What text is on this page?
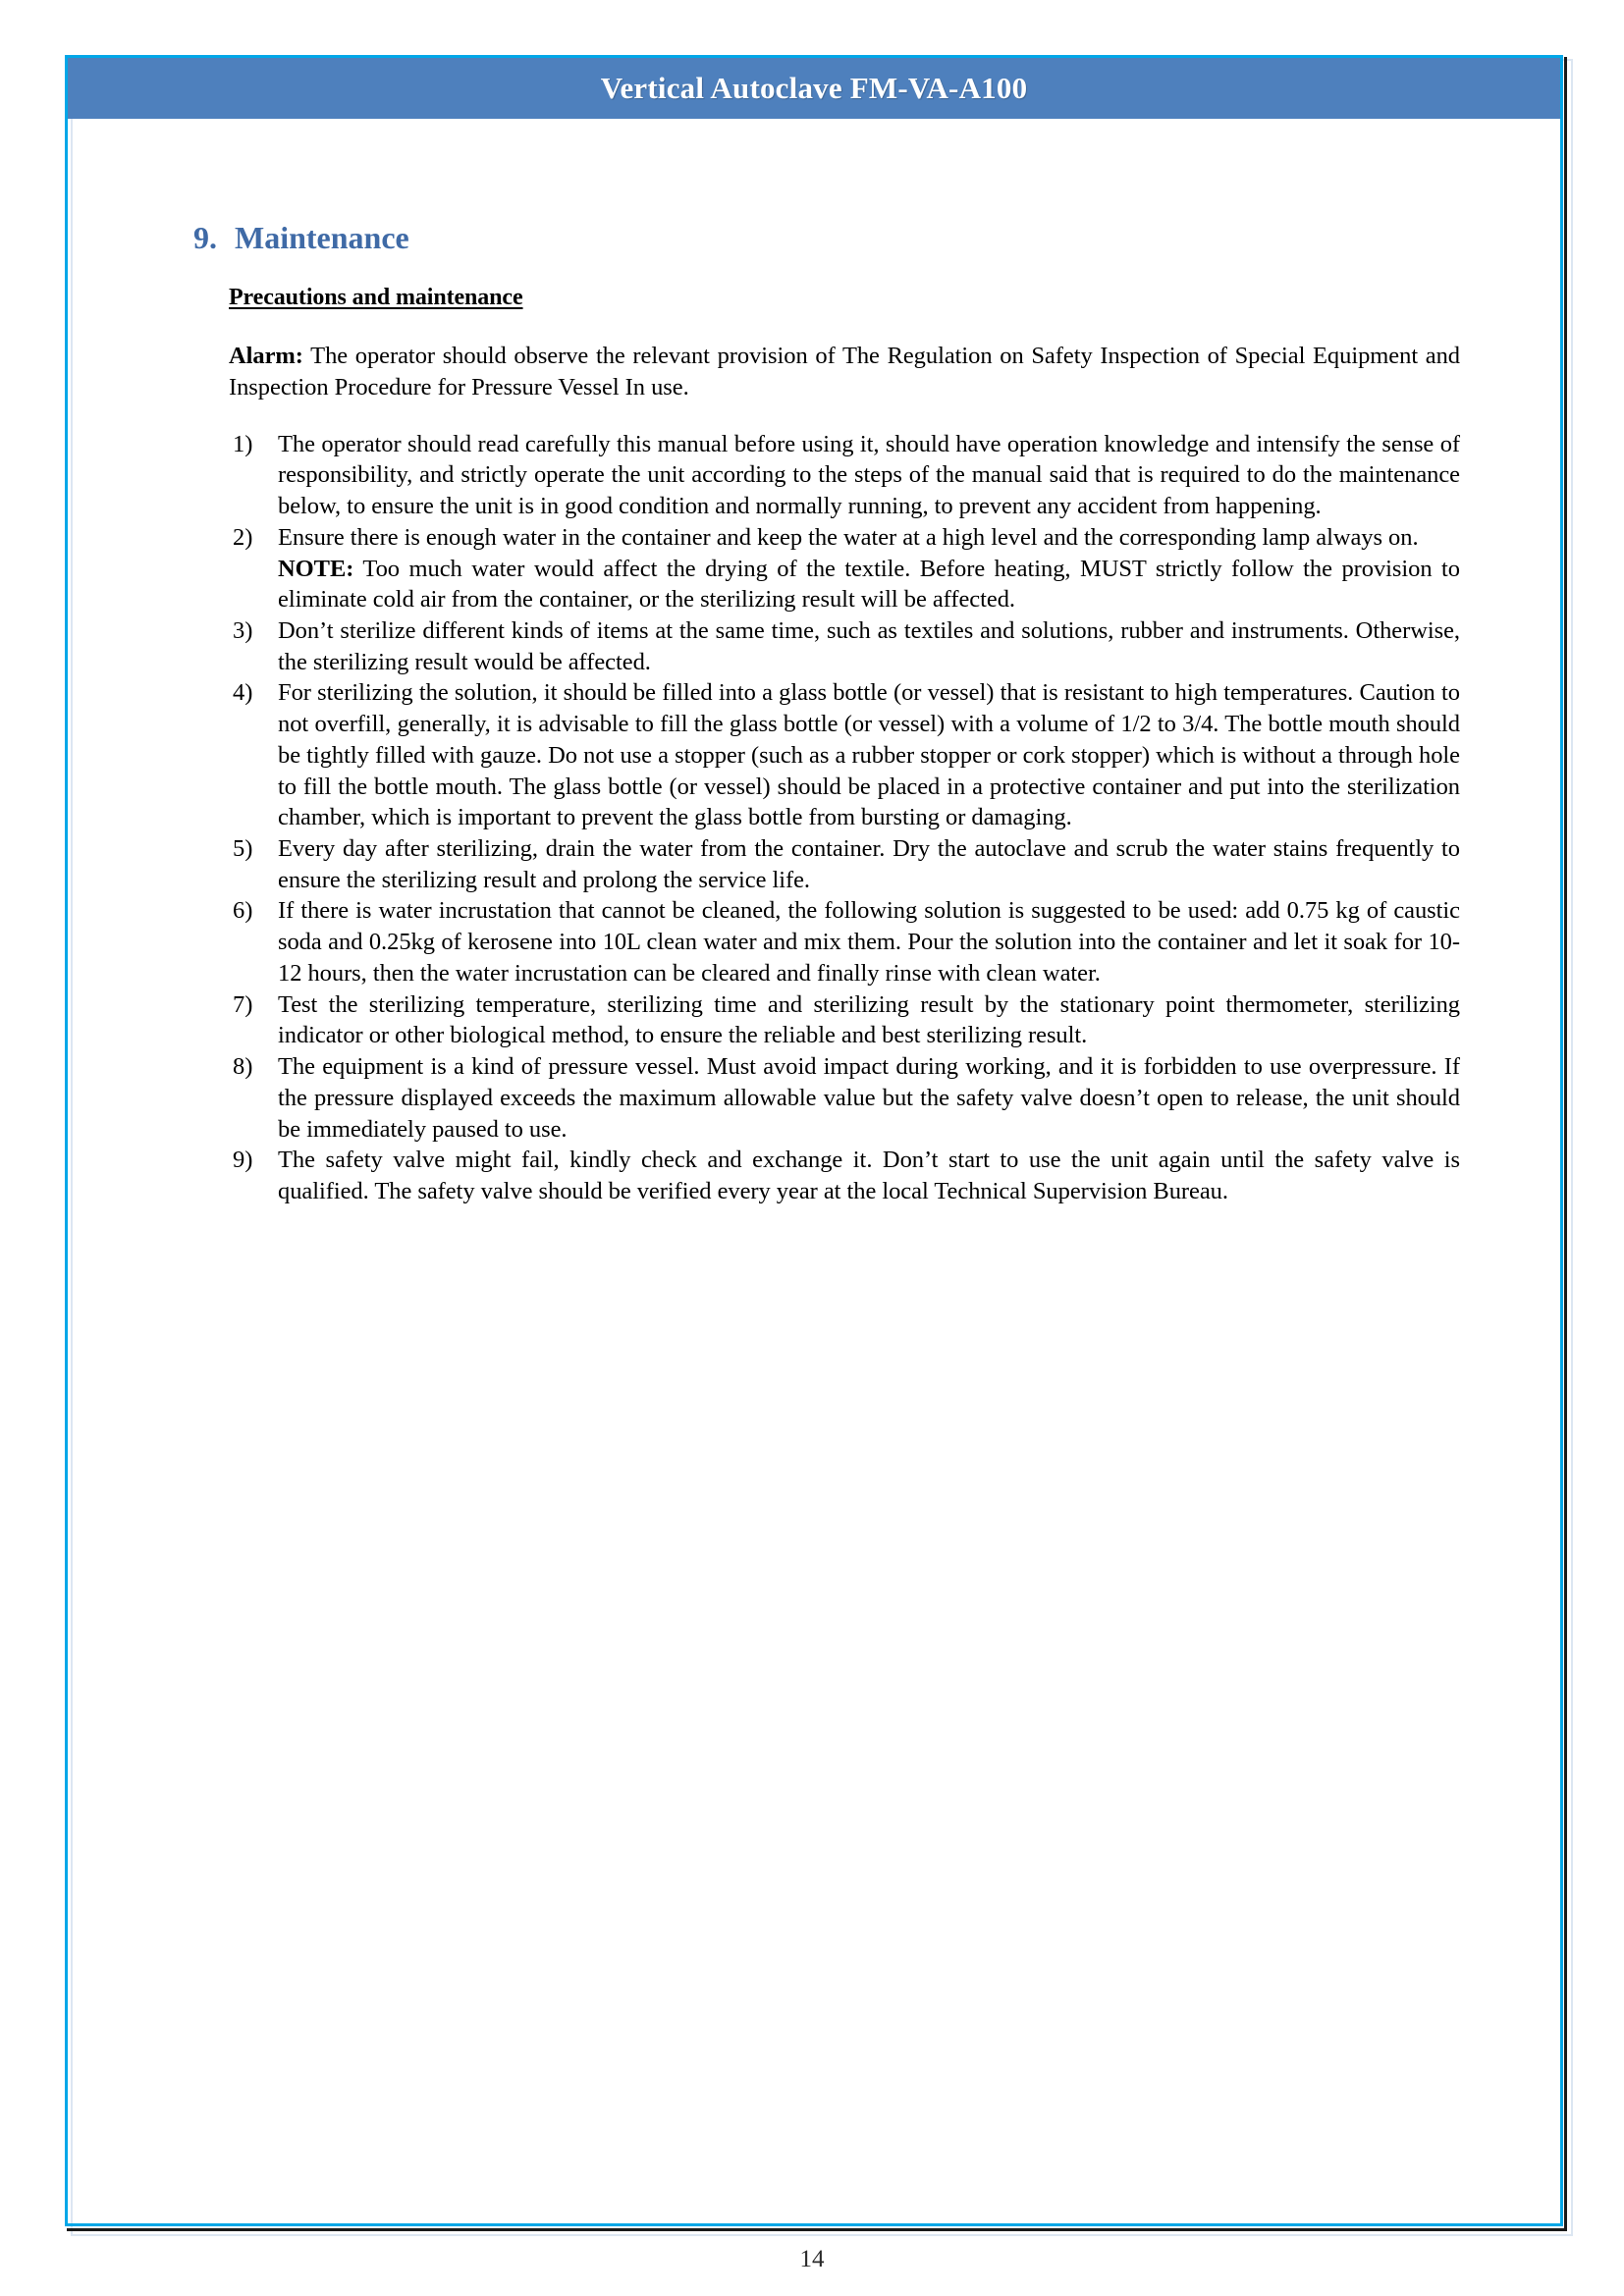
Vertical Autoclave FM-VA-A100
9. Maintenance
Precautions and maintenance

Alarm: The operator should observe the relevant provision of The Regulation on Safety Inspection of Special Equipment and Inspection Procedure for Pressure Vessel In use.

1)	The operator should read carefully this manual before using it, should have operation knowledge and intensify the sense of responsibility, and strictly operate the unit according to the steps of the manual said that is required to do the maintenance below, to ensure the unit is in good condition and normally running, to prevent any accident from happening.

2)	Ensure there is enough water in the container and keep the water at a high level and the corresponding lamp always on.

NOTE: Too much water would affect the drying of the textile. Before heating, MUST strictly follow the provision to eliminate cold air from the container, or the sterilizing result will be affected.

3)	Don’t sterilize different kinds of items at the same time, such as textiles and solutions, rubber and instruments. Otherwise, the sterilizing result would be affected.

4)	For sterilizing the solution, it should be filled into a glass bottle (or vessel) that is resistant to high temperatures. Caution to not overfill, generally, it is advisable to fill the glass bottle (or vessel) with a volume of 1/2 to 3/4. The bottle mouth should be tightly filled with gauze. Do not use a stopper (such as a rubber stopper or cork stopper) which is without a through hole to fill the bottle mouth. The glass bottle (or vessel) should be placed in a protective container and put into the sterilization chamber, which is important to prevent the glass bottle from bursting or damaging.

5)	Every day after sterilizing, drain the water from the container. Dry the autoclave and scrub the water stains frequently to ensure the sterilizing result and prolong the service life.

6)	If there is water incrustation that cannot be cleaned, the following solution is suggested to be used: add 0.75 kg of caustic soda and 0.25kg of kerosene into 10L clean water and mix them. Pour the solution into the container and let it soak for 10- 12 hours, then the water incrustation can be cleared and finally rinse with clean water.

7)	Test the sterilizing temperature, sterilizing time and sterilizing result by the stationary point thermometer, sterilizing indicator or other biological method, to ensure the reliable and best sterilizing result.

8)	The equipment is a kind of pressure vessel. Must avoid impact during working, and it is forbidden to use overpressure. If the pressure displayed exceeds the maximum allowable value but the safety valve doesn’t open to release, the unit should be immediately paused to use.

9)	The safety valve might fail, kindly check and exchange it. Don’t start to use the unit again until the safety valve is qualified. The safety valve should be verified every year at the local Technical Supervision Bureau.

14
